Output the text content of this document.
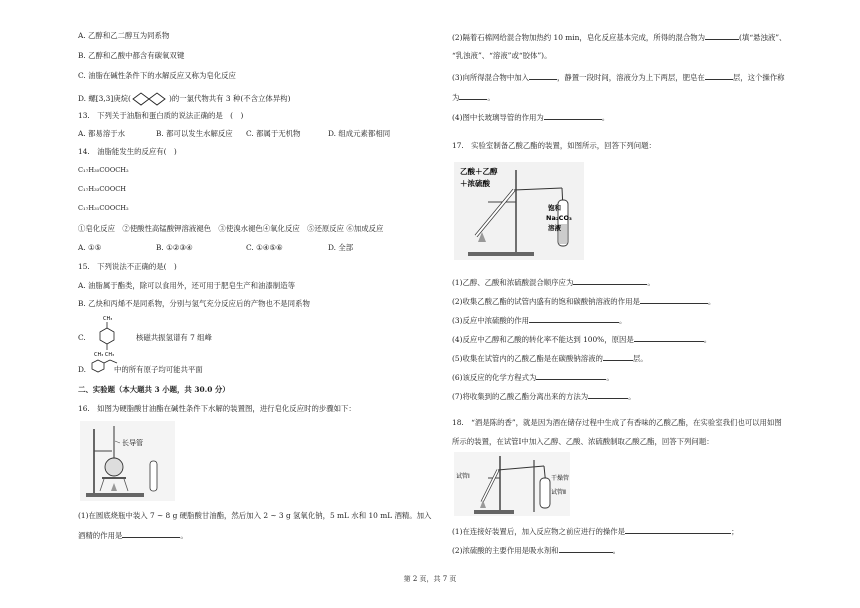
A. 乙醇和乙二醇互为同系物
B. 乙醇和乙酸中都含有碳氧双键
C. 油脂在碱性条件下的水解反应又称为皂化反应
D. 螺[3,3]庚烷(	)的一氯代物共有 3 种(不含立体异构)
13.　下列关于油脂和蛋白质的说法正确的是　(　)
A. 都易溶于水	B. 都可以发生水解反应 C. 都属于无机物	D. 组成元素都相同
14.　油脂能发生的反应有(　)
C₁₇H₃₅COOCH₂
C₁₇H₃₃COOCH
C₁₇H₃₁COOCH₂
①皂化反应　②使酸性高锰酸钾溶液褪色　③使溴水褪色④氧化反应　⑤还原反应 ⑥加成反应
A. ①⑤	B. ①②③④	C. ①④⑤⑥	D. 全部
15.　下列说法不正确的是(　)
A. 油脂属于酯类，除可以食用外，还可用于肥皂生产和油漆制造等
B. 乙炔和丙烯不是同系物，分别与氢气充分反应后的产物也不是同系物
C.
CH₃
CH₃ CH₃
核磁共振氢谱有 7 组峰
D.	中的所有原子均可能共平面
二、实验题（本大题共 3 小题，共 30.0 分）
16.　如图为硬脂酸甘油酯在碱性条件下水解的装置图，进行皂化反应时的步骤如下：
长导管
(1)在圆底烧瓶中装入 7 ~ 8 g 硬脂酸甘油酯，然后加入 2 ~ 3 g 氢氧化钠，5 mL 水和 10 mL 酒精。加入
酒精的作用是	。
(2)隔着石棉网给混合物加热约 10 min，皂化反应基本完成，所得的混合物为	(填“悬浊液”、
“乳浊液”、“溶液”或“胶体”)。
(3)向所得混合物中加入	，静置一段时间，溶液分为上下两层，肥皂在	层，这个操作称
为	。
(4)图中长玻璃导管的作用为	。
17.　实验室制备乙酸乙酯的装置，如图所示，回答下列问题：
乙酸＋乙醇
＋浓硫酸
饱和
Na₂CO₃
溶液
(1)乙醇、乙酸和浓硫酸混合顺序应为	。
(2)收集乙酸乙酯的试管内盛有的饱和碳酸钠溶液的作用是	。
(3)反应中浓硫酸的作用	。
(4)反应中乙醇和乙酸的转化率不能达到 100%，原因是	。
(5)收集在试管内的乙酸乙酯是在碳酸钠溶液的	层。
(6)该反应的化学方程式为	。
(7)将收集到的乙酸乙酯分离出来的方法为	。
18.　“酒是陈的香”，就是因为酒在储存过程中生成了有香味的乙酸乙酯，在实验室我们也可以用如图
所示的装置，在试管Ⅰ中加入乙醇、乙酸、浓硫酸制取乙酸乙酯，回答下列问题：
试管Ⅰ	干燥管
试管Ⅱ
(1)在连接好装置后，加入反应物之前应进行的操作是	；
(2)浓硫酸的主要作用是吸水剂和	。
第 2 页，共 7 页
